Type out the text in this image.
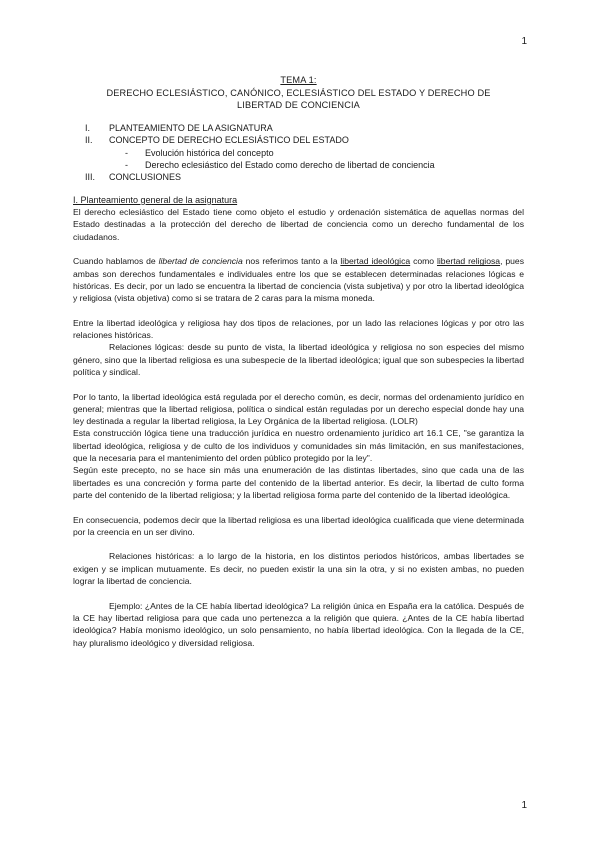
1
TEMA 1:
DERECHO ECLESIÁSTICO, CANÓNICO, ECLESIÁSTICO DEL ESTADO Y DERECHO DE
LIBERTAD DE CONCIENCIA
I.	PLANTEAMIENTO DE LA ASIGNATURA
II.	CONCEPTO DE DERECHO ECLESIÁSTICO DEL ESTADO
-	Evolución histórica del concepto
-	Derecho eclesiástico del Estado como derecho de libertad de conciencia
III.	CONCLUSIONES
I. Planteamiento general de la asignatura

El derecho eclesiástico del Estado tiene como objeto el estudio y ordenación sistemática de aquellas normas del Estado destinadas a la protección del derecho de libertad de conciencia como un derecho fundamental de los ciudadanos.

Cuando hablamos de libertad de conciencia nos referimos tanto a la libertad ideológica como libertad religiosa, pues ambas son derechos fundamentales e individuales entre los que se establecen determinadas relaciones lógicas e históricas. Es decir, por un lado se encuentra la libertad de conciencia (vista subjetiva) y por otro la libertad ideológica y religiosa (vista objetiva) como si se tratara de 2 caras para la misma moneda.

Entre la libertad ideológica y religiosa hay dos tipos de relaciones, por un lado las relaciones lógicas y por otro las relaciones históricas.

Relaciones lógicas: desde su punto de vista, la libertad ideológica y religiosa no son especies del mismo género, sino que la libertad religiosa es una subespecie de la libertad ideológica; igual que son subespecies la libertad política y sindical.

Por lo tanto, la libertad ideológica está regulada por el derecho común, es decir, normas del ordenamiento jurídico en general; mientras que la libertad religiosa, política o sindical están reguladas por un derecho especial donde hay una ley destinada a regular la libertad religiosa, la Ley Orgánica de la libertad religiosa. (LOLR)

Esta construcción lógica tiene una traducción jurídica en nuestro ordenamiento jurídico art 16.1 CE, "se garantiza la libertad ideológica, religiosa y de culto de los individuos y comunidades sin más limitación, en sus manifestaciones, que la necesaria para el mantenimiento del orden público protegido por la ley".

Según este precepto, no se hace sin más una enumeración de las distintas libertades, sino que cada una de las libertades es una concreción y forma parte del contenido de la libertad anterior. Es decir, la libertad de culto forma parte del contenido de la libertad religiosa; y la libertad religiosa forma parte del contenido de la libertad ideológica.

En consecuencia, podemos decir que la libertad religiosa es una libertad ideológica cualificada que viene determinada por la creencia en un ser divino.

Relaciones históricas: a lo largo de la historia, en los distintos periodos históricos, ambas libertades se exigen y se implican mutuamente. Es decir, no pueden existir la una sin la otra, y si no existen ambas, no pueden lograr la libertad de conciencia.

Ejemplo: ¿Antes de la CE había libertad ideológica? La religión única en España era la católica. Después de la CE hay libertad religiosa para que cada uno pertenezca a la religión que quiera. ¿Antes de la CE había libertad ideológica? Había monismo ideológico, un solo pensamiento, no había libertad ideológica. Con la llegada de la CE, hay pluralismo ideológico y diversidad religiosa.

1
